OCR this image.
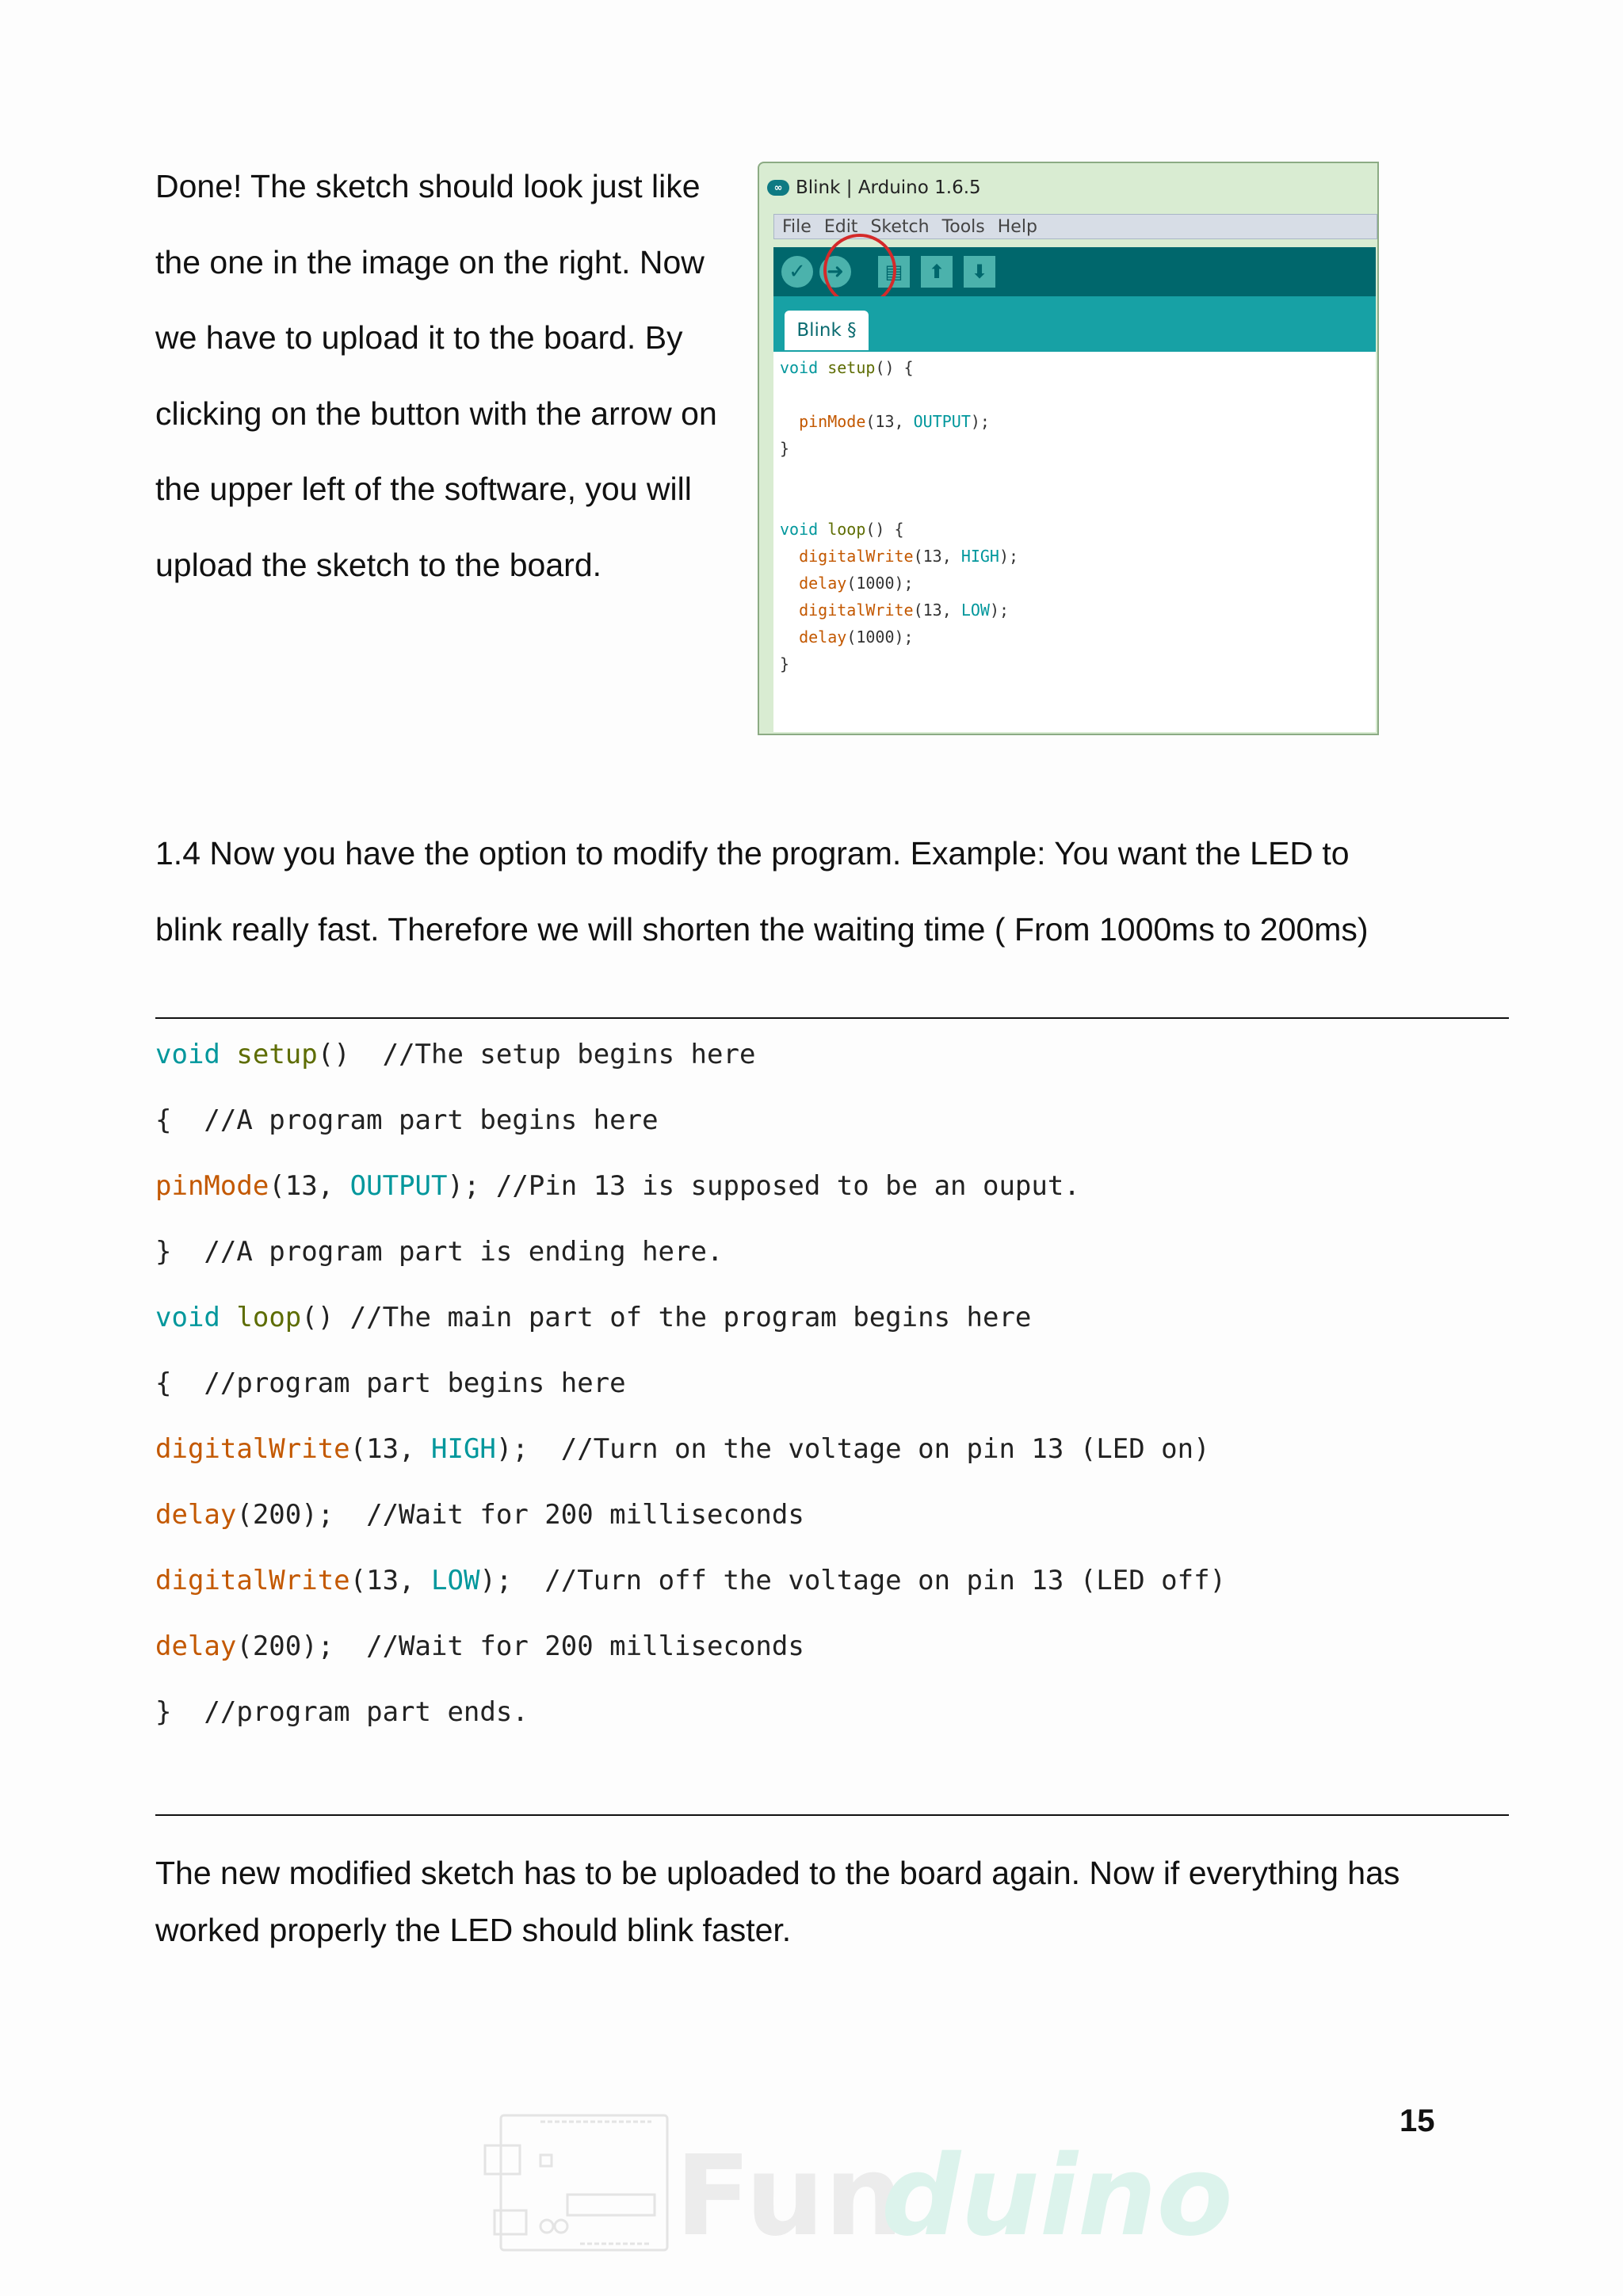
Done! The sketch should look just like
the one in the image on the right. Now
we have to upload it to the board. By
clicking on the button with the arrow on
the upper left of the software, you will
upload the sketch to the board.
∞ Blink | Arduino 1.6.5
File Edit Sketch Tools Help
✓ ➜ ▤ ⬆ ⬇
Blink §
void setup() {
pinMode(13, OUTPUT);
}
void loop() {
digitalWrite(13, HIGH);
delay(1000);
digitalWrite(13, LOW);
delay(1000);
}
1.4 Now you have the option to modify the program. Example: You want the LED to
blink really fast. Therefore we will shorten the waiting time ( From 1000ms to 200ms)
void setup()  //The setup begins here
{  //A program part begins here
pinMode(13, OUTPUT); //Pin 13 is supposed to be an ouput.
}  //A program part is ending here.
void loop() //The main part of the program begins here
{  //program part begins here
digitalWrite(13, HIGH);  //Turn on the voltage on pin 13 (LED on)
delay(200);  //Wait for 200 milliseconds
digitalWrite(13, LOW);  //Turn off the voltage on pin 13 (LED off)
delay(200);  //Wait for 200 milliseconds
}  //program part ends.
The new modified sketch has to be uploaded to the board again. Now if everything has
worked properly the LED should blink faster.
15
Fun
duino
